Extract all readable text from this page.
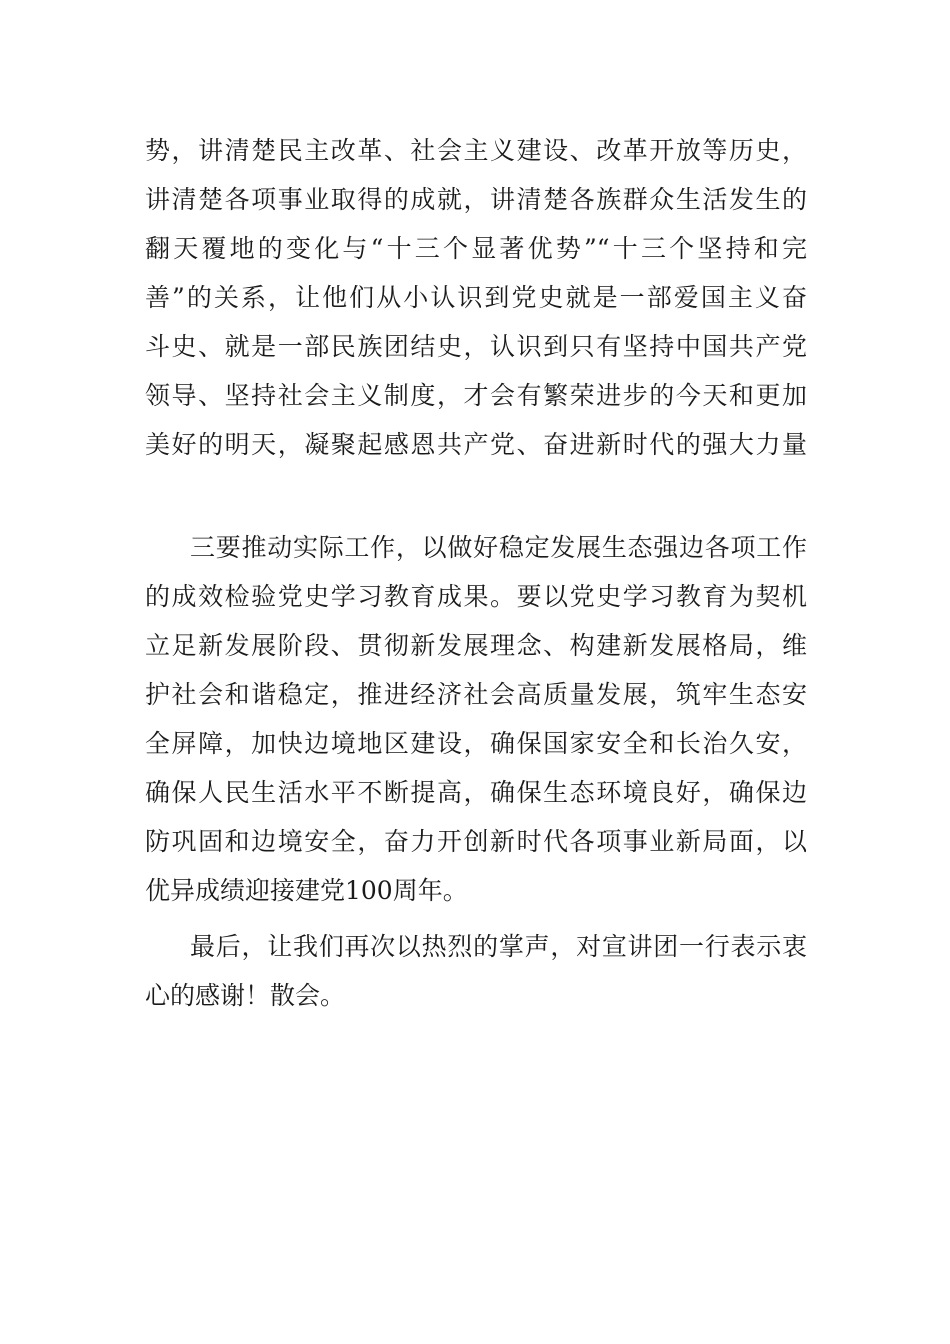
势，讲清楚民主改革、社会主义建设、改革开放等历史，

讲清楚各项事业取得的成就，讲清楚各族群众生活发生的

翻天覆地的变化与“十三个显著优势”“十三个坚持和完

善”的关系，让他们从小认识到党史就是一部爱国主义奋

斗史、就是一部民族团结史，认识到只有坚持中国共产党

领导、坚持社会主义制度，才会有繁荣进步的今天和更加

美好的明天，凝聚起感恩共产党、奋进新时代的强大力量

三要推动实际工作，以做好稳定发展生态强边各项工作

的成效检验党史学习教育成果。要以党史学习教育为契机

立足新发展阶段、贯彻新发展理念、构建新发展格局，维

护社会和谐稳定，推进经济社会高质量发展，筑牢生态安

全屏障，加快边境地区建设，确保国家安全和长治久安，

确保人民生活水平不断提高，确保生态环境良好，确保边

防巩固和边境安全，奋力开创新时代各项事业新局面，以

优异成绩迎接建党100周年。

最后，让我们再次以热烈的掌声，对宣讲团一行表示衷

心的感谢！散会。
